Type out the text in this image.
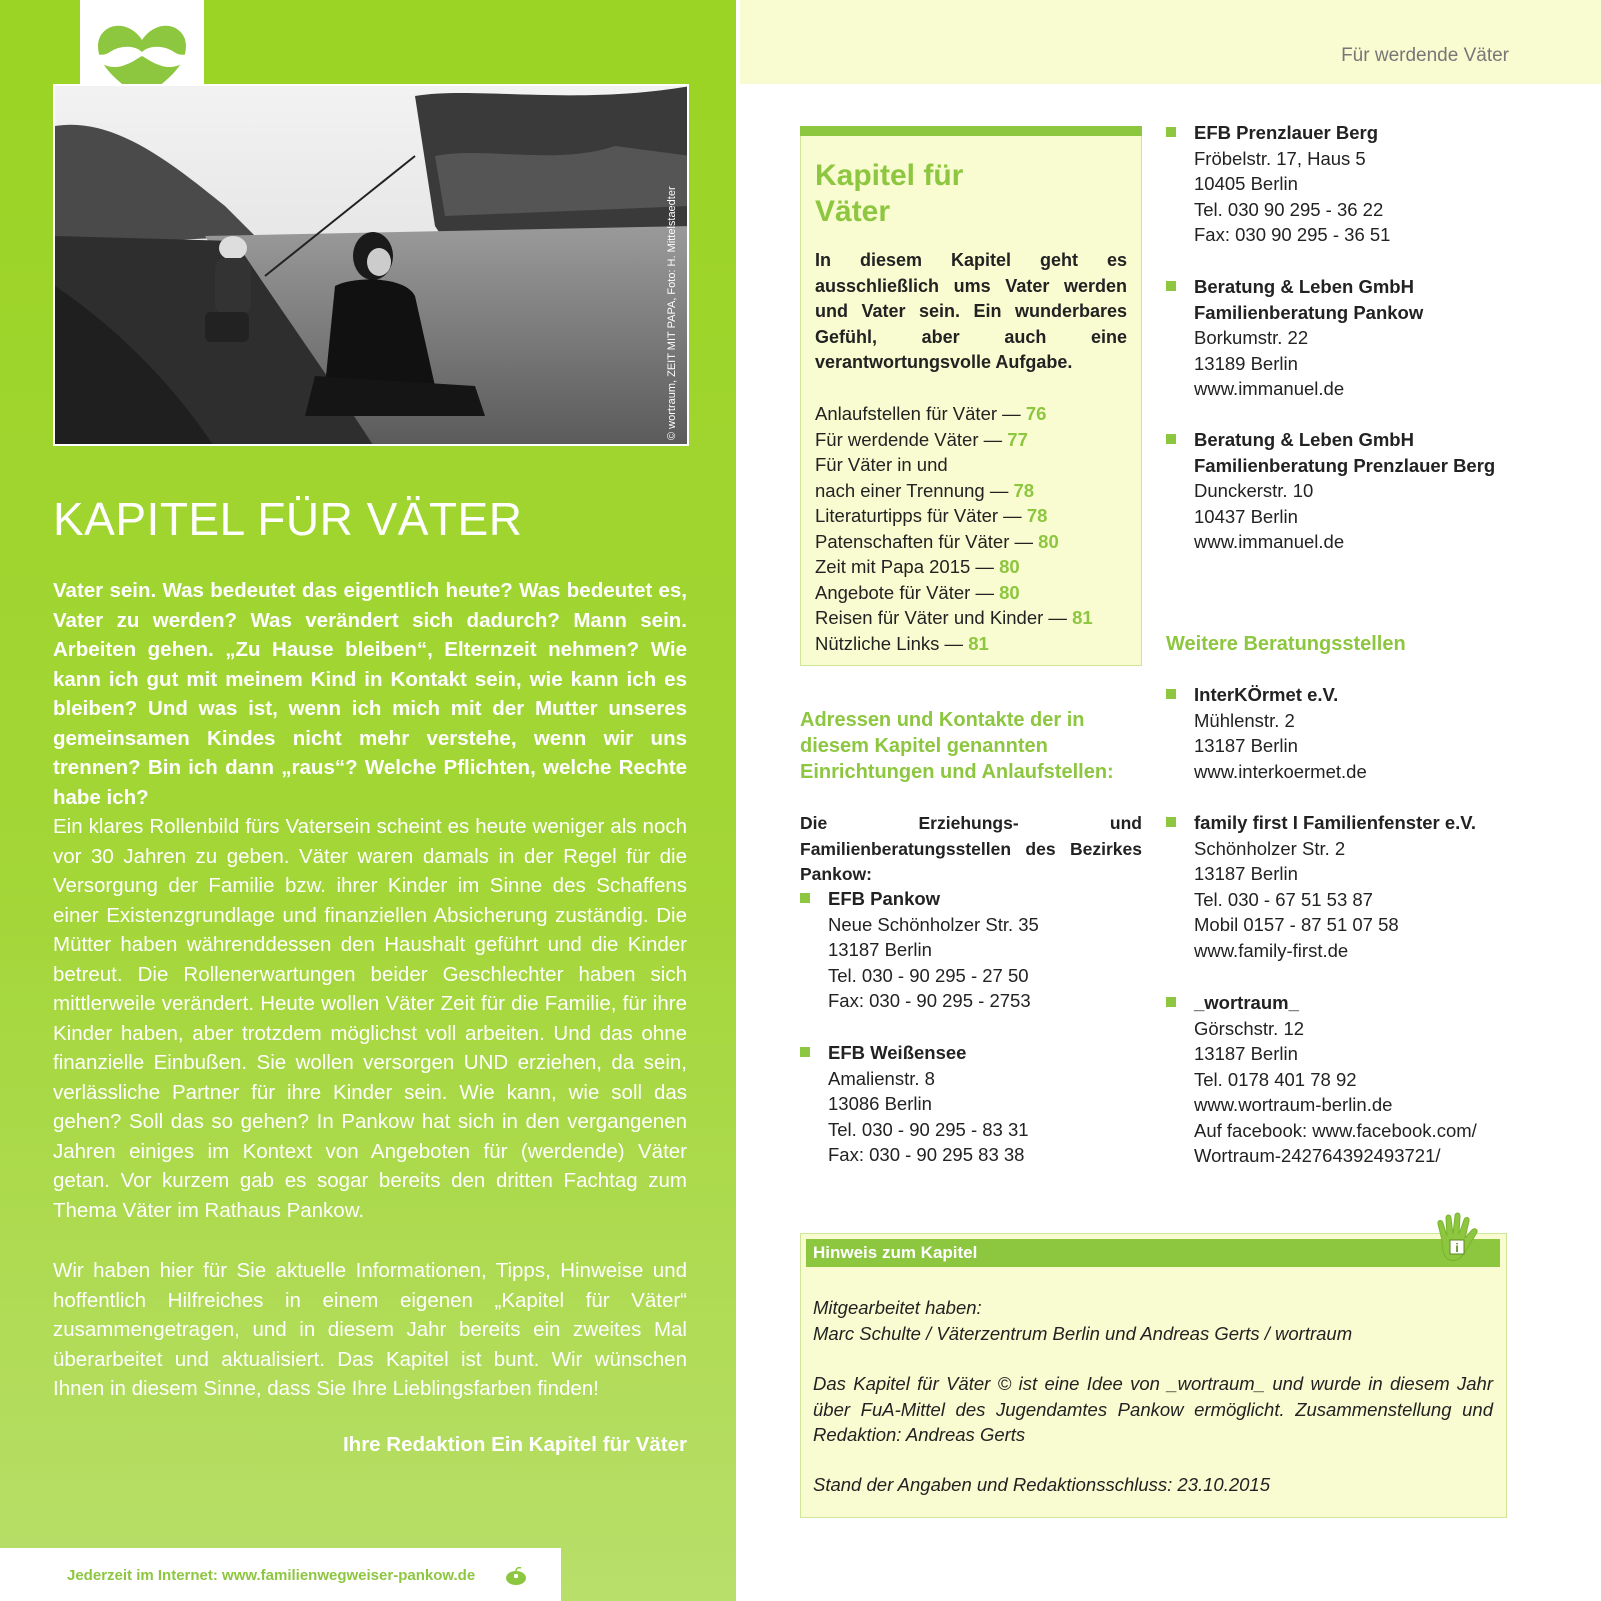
© wortraum, ZEIT MIT PAPA, Foto: H. Mittelstaedter
KAPITEL FÜR VÄTER

Vater sein. Was bedeutet das eigentlich heute? Was bedeutet es, Vater zu werden? Was verändert sich dadurch? Mann sein. Arbeiten gehen. „Zu Hause bleiben“, Elternzeit nehmen? Wie kann ich gut mit meinem Kind in Kontakt sein, wie kann ich es bleiben? Und was ist, wenn ich mich mit der Mutter unseres gemeinsamen Kindes nicht mehr verstehe, wenn wir uns trennen? Bin ich dann „raus“? Welche Pflichten, welche Rechte habe ich?

Ein klares Rollenbild fürs Vatersein scheint es heute weniger als noch vor 30 Jahren zu geben. Väter waren damals in der Regel für die Versorgung der Familie bzw. ihrer Kinder im Sinne des Schaffens einer Existenzgrundlage und finanziellen Absicherung zuständig. Die Mütter haben währenddessen den Haushalt geführt und die Kinder betreut. Die Rollenerwartungen beider Geschlechter haben sich mittlerweile verändert. Heute wollen Väter Zeit für die Familie, für ihre Kinder haben, aber trotzdem möglichst voll arbeiten. Und das ohne finanzielle Einbußen. Sie wollen versorgen UND erziehen, da sein, verlässliche Partner für ihre Kinder sein. Wie kann, wie soll das gehen? Soll das so gehen? In Pankow hat sich in den vergangenen Jahren einiges im Kontext von Angeboten für (werdende) Väter getan. Vor kurzem gab es sogar bereits den dritten Fachtag zum Thema Väter im Rathaus Pankow.

Wir haben hier für Sie aktuelle Informationen, Tipps, Hinweise und hoffentlich Hilfreiches in einem eigenen „Kapitel für Väter“ zusammengetragen, und in diesem Jahr bereits ein zweites Mal überarbeitet und aktualisiert. Das Kapitel ist bunt. Wir wünschen Ihnen in diesem Sinne, dass Sie Ihre Lieblingsfarben finden!

Ihre Redaktion Ein Kapitel für Väter

Jederzeit im Internet: www.familienwegweiser-pankow.de
Für werdende Väter
Kapitel für
Väter

In diesem Kapitel geht es ausschließlich ums Vater werden und Vater sein. Ein wunderbares Gefühl, aber auch eine verantwortungsvolle Aufgabe.

Anlaufstellen für Väter — 76
Für werdende Väter — 77
Für Väter in und
nach einer Trennung — 78
Literaturtipps für Väter — 78
Patenschaften für Väter — 80
Zeit mit Papa 2015 — 80
Angebote für Väter — 80
Reisen für Väter und Kinder — 81
Nützliche Links — 81
Adressen und Kontakte der in diesem Kapitel genannten Einrichtungen und Anlaufstellen:

Die Erziehungs- und Familienberatungsstellen des Bezirkes Pankow:

Weitere Beratungsstellen
EFB Pankow
Neue Schönholzer Str. 35
13187 Berlin
Tel. 030 - 90 295 - 27 50
Fax: 030 - 90 295 - 2753
EFB Weißensee
Amalienstr. 8
13086 Berlin
Tel. 030 - 90 295 - 83 31
Fax: 030 - 90 295 83 38
EFB Prenzlauer Berg
Fröbelstr. 17, Haus 5
10405 Berlin
Tel. 030 90 295 - 36 22
Fax: 030 90 295 - 36 51
Beratung & Leben GmbH
Familienberatung Pankow
Borkumstr. 22
13189 Berlin
www.immanuel.de
Beratung & Leben GmbH
Familienberatung Prenzlauer Berg
Dunckerstr. 10
10437 Berlin
www.immanuel.de
InterKÖrmet e.V.
Mühlenstr. 2
13187 Berlin
www.interkoermet.de
family first I Familienfenster e.V.
Schönholzer Str. 2
13187 Berlin
Tel. 030 - 67 51 53 87
Mobil 0157 - 87 51 07 58
www.family-first.de
_wortraum_
Görschstr. 12
13187 Berlin
Tel. 0178 401 78 92
www.wortraum-berlin.de
Auf facebook: www.facebook.com/
Wortraum-242764392493721/
Hinweis zum Kapitel	i

Mitgearbeitet haben:
Marc Schulte / Väterzentrum Berlin und Andreas Gerts / wortraum

Das Kapitel für Väter © ist eine Idee von _wortraum_ und wurde in diesem Jahr über FuA-Mittel des Jugendamtes Pankow ermöglicht. Zusammenstellung und Redaktion: Andreas Gerts

Stand der Angaben und Redaktionsschluss: 23.10.2015
